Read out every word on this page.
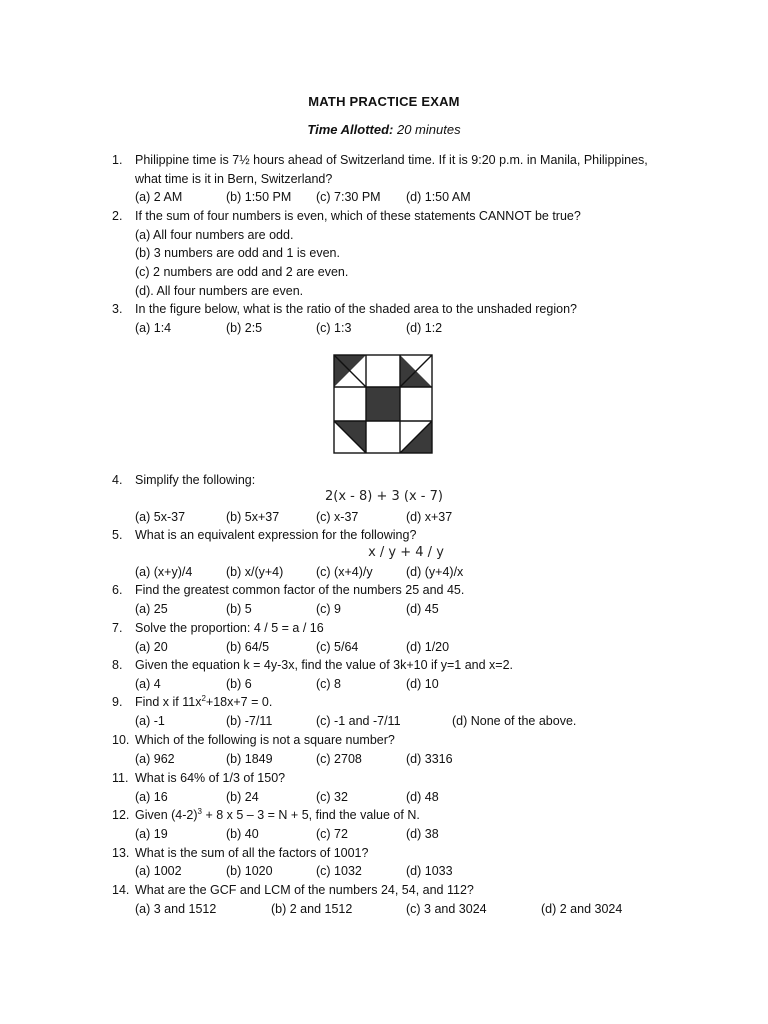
MATH PRACTICE EXAM
Time Allotted: 20 minutes
1.	Philippine time is 7½ hours ahead of Switzerland time. If it is 9:20 p.m. in Manila, Philippines,
what time is it in Bern, Switzerland?
(a) 2 AM	(b) 1:50 PM (c) 7:30 PM (d) 1:50 AM
2.	If the sum of four numbers is even, which of these statements CANNOT be true?
(a) All four numbers are odd.
(b) 3 numbers are odd and 1 is even.
(c) 2 numbers are odd and 2 are even.
(d). All four numbers are even.
3.	In the figure below, what is the ratio of the shaded area to the unshaded region?
(a) 1:4	(b) 2:5	(c) 1:3	(d) 1:2
4.	Simplify the following:
2(x - 8) + 3 (x - 7)
(a) 5x-37	(b) 5x+37	(c) x-37	(d) x+37
5.	What is an equivalent expression for the following?
x / y + 4 / y
(a) (x+y)/4	(b) x/(y+4)	(c) (x+4)/y	(d) (y+4)/x
6.	Find the greatest common factor of the numbers 25 and 45.
(a) 25	(b) 5	(c) 9	(d) 45
7.	Solve the proportion: 4 / 5 = a / 16
(a) 20	(b) 64/5	(c) 5/64	(d) 1/20
8.	Given the equation k = 4y-3x, find the value of 3k+10 if y=1 and x=2.
(a) 4	(b) 6	(c) 8	(d) 10
9.	Find x if $11x^2+18x+7 = 0$.
(a) -1	(b) -7/11	(c) -1 and -7/11	(d) None of the above.
10. Which of the following is not a square number?
(a) 962	(b) 1849	(c) 2708	(d) 3316
11. What is 64% of 1/3 of 150?
(a) 16	(b) 24	(c) 32	(d) 48
12. Given $(4-2)^3 + 8$ x 5 – 3 = N + 5, find the value of N.
(a) 19	(b) 40	(c) 72	(d) 38
13. What is the sum of all the factors of 1001?
(a) 1002	(b) 1020	(c) 1032	(d) 1033
14. What are the GCF and LCM of the numbers 24, 54, and 112?
(a) 3 and 1512	(b) 2 and 1512	(c) 3 and 3024	(d) 2 and 3024
